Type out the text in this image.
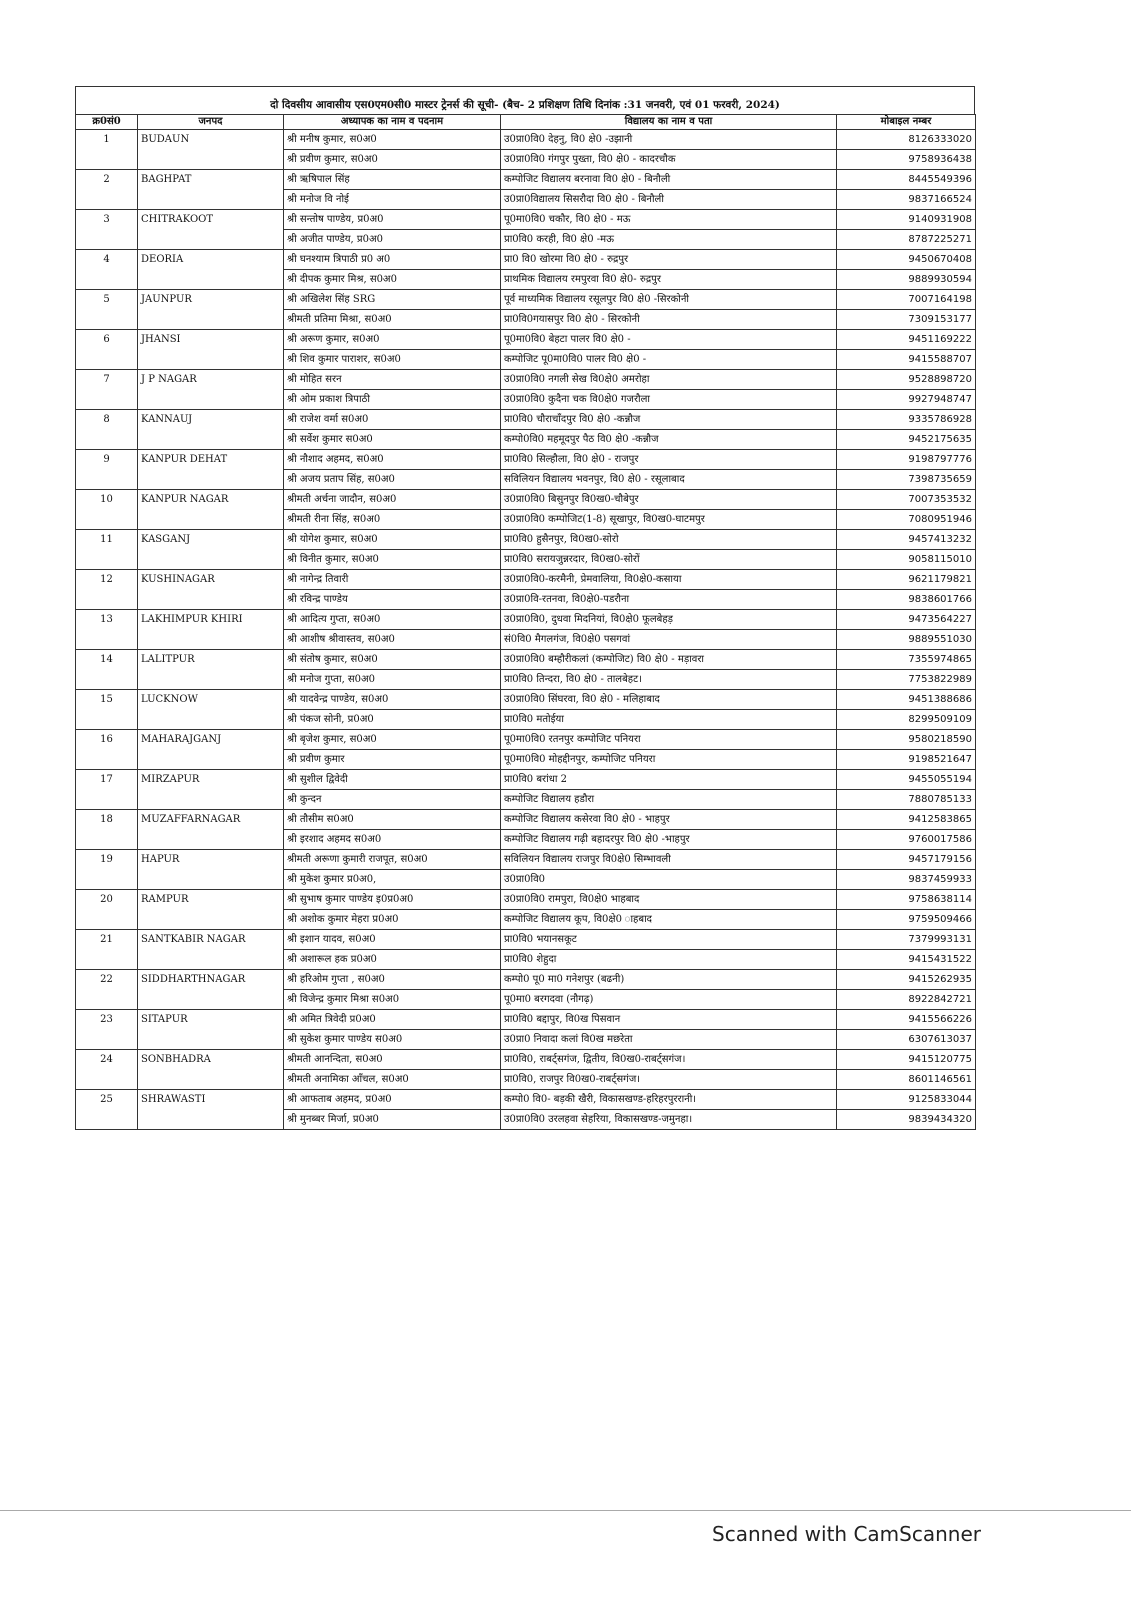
दो दिवसीय आवासीय एस0एम0सी0 मास्टर ट्रेनर्स की सूची- (बैच- 2 प्रशिक्षण तिथि दिनांक :31 जनवरी, एवं 01 फरवरी, 2024)
क्र0सं0	जनपद	अध्यापक का नाम व पदनाम	विद्यालय का नाम व पता	मोबाइल नम्बर
1	BUDAUN	श्री मनीष कुमार, स0अ0	उ0प्रा0वि0 देहनु, वि0 क्षे0 -उझानी	8126333020
		श्री प्रवीण कुमार, स0अ0	उ0प्रा0वि0 गंगपुर पुख्ता, वि0 क्षे0 - कादरचौक	9758936438
2	BAGHPAT	श्री ऋषिपाल सिंह	कम्पोजिट विद्यालय बरनावा वि0 क्षे0 - बिनौली	8445549396
		श्री मनोज वि नोई	उ0प्रा0विद्यालय सिसरौदा वि0 क्षे0 - बिनौली	9837166524
3	CHITRAKOOT	श्री सन्तोष पाण्डेय, प्र0अ0	पू0मा0वि0 चकौर, वि0 क्षे0 - मऊ	9140931908
		श्री अजीत पाण्डेय, प्र0अ0	प्रा0वि0 करही, वि0 क्षे0 -मऊ	8787225271
4	DEORIA	श्री घनश्याम त्रिपाठी प्र0 अ0	प्रा0 वि0 खोरमा वि0 क्षे0 - रुद्रपुर	9450670408
		श्री दीपक कुमार मिश्र, स0अ0	प्राथमिक विद्यालय रमपुरवा वि0 क्षे0- रुद्रपुर	9889930594
5	JAUNPUR	श्री अखिलेश सिंह SRG	पूर्व माध्यमिक विद्यालय रसूलपुर वि0 क्षे0 -सिरकोनी	7007164198
		श्रीमती प्रतिमा मिश्रा, स0अ0	प्रा0वि0गयासपुर वि0 क्षे0 - सिरकोनी	7309153177
6	JHANSI	श्री अरूण कुमार, स0अ0	पू0मा0वि0 बेहटा पालर वि0 क्षे0 -	9451169222
		श्री शिव कुमार पाराशर, स0अ0	कम्पोजिट पू0मा0वि0 पालर वि0 क्षे0 -	9415588707
7	J P NAGAR	श्री मोहित सरन	उ0प्रा0वि0 नगली सेख वि0क्षे0 अमरोहा	9528898720
		श्री ओम प्रकाश त्रिपाठी	उ0प्रा0वि0 कुदैना चक वि0क्षे0 गजरौला	9927948747
8	KANNAUJ	श्री राजेश वर्मा स0अ0	प्रा0वि0 चौराचाँदपुर वि0 क्षे0 -कन्नौज	9335786928
		श्री सर्वेश कुमार स0अ0	कम्पो0वि0 महमूदपुर पैठ वि0 क्षे0 -कन्नौज	9452175635
9	KANPUR DEHAT	श्री नौशाद अहमद, स0अ0	प्रा0वि0 सिल्हौला, वि0 क्षे0 - राजपुर	9198797776
		श्री अजय प्रताप सिंह, स0अ0	सविलियन विद्यालय भवनपुर, वि0 क्षे0 - रसूलाबाद	7398735659
10	KANPUR NAGAR	श्रीमती अर्चना जादौन, स0अ0	उ0प्रा0वि0 बिसुनपुर वि0ख0-चौबेपुर	7007353532
		श्रीमती रीना सिंह, स0अ0	उ0प्रा0वि0 कम्पोजिट(1-8) सूखापुर, वि0ख0-घाटमपुर	7080951946
11	KASGANJ	श्री योगेश कुमार, स0अ0	प्रा0वि0 हुसैनपुर, वि0ख0-सोरो	9457413232
		श्री विनीत कुमार, स0अ0	प्रा0वि0 सरायजुन्नरदार, वि0ख0-सोरों	9058115010
12	KUSHINAGAR	श्री नागेन्द्र तिवारी	उ0प्रा0वि0-करमैनी, प्रेमवालिया, वि0क्षे0-कसाया	9621179821
		श्री रविन्द्र पाण्डेय	उ0प्रा0वि-रतनवा, वि0क्षे0-पडरौना	9838601766
13	LAKHIMPUR KHIRI	श्री आदित्य गुप्ता, स0अ0	उ0प्रा0वि0, दुधवा मिदनियां, वि0क्षे0 फूलबेहड़	9473564227
		श्री आशीष श्रीवास्तव, स0अ0	सं0वि0 मैगलगंज, वि0क्षे0 पसगवां	9889551030
14	LALITPUR	श्री संतोष कुमार, स0अ0	उ0प्रा0वि0 बम्हौरीकलां (कम्पोजिट) वि0 क्षे0 - मड़ावरा	7355974865
		श्री मनोज गुप्ता, स0अ0	प्रा0वि0 तिन्दरा, वि0 क्षे0 - तालबेहट।	7753822989
15	LUCKNOW	श्री यादवेन्द्र पाण्डेय, स0अ0	उ0प्रा0वि0 सिंघरवा, वि0 क्षे0 - मलिहाबाद	9451388686
		श्री पंकज सोनी, प्र0अ0	प्रा0वि0 मतोईया	8299509109
16	MAHARAJGANJ	श्री बृजेश कुमार, स0अ0	पू0मा0वि0 रतनपुर कम्पोजिट पनियरा	9580218590
		श्री प्रवीण कुमार	पू0मा0वि0 मोहद्दीनपुर, कम्पोजिट पनियरा	9198521647
17	MIRZAPUR	श्री सुशील द्विवेदी	प्रा0वि0 बरांधा 2	9455055194
		श्री कुन्दन	कम्पोजिट विद्यालय हडौरा	7880785133
18	MUZAFFARNAGAR	श्री तौसीम स0अ0	कम्पोजिट विद्यालय कसेरवा वि0 क्षे0 - भाहपुर	9412583865
		श्री इरशाद अहमद स0अ0	कम्पोजिट विद्यालय गढ़ी बहादरपुर वि0 क्षे0 -भाहपुर	9760017586
19	HAPUR	श्रीमती अरूणा कुमारी राजपूत, स0अ0	सविलियन विद्यालय राजपुर वि0क्षे0 सिम्भावली	9457179156
		श्री मुकेश कुमार प्र0अ0,	उ0प्रा0वि0	9837459933
20	RAMPUR	श्री सुभाष कुमार पाण्डेय इ0प्र0अ0	उ0प्रा0वि0 रामपुरा, वि0क्षे0 भाहबाद	9758638114
		श्री अशोक कुमार मेहरा प्र0अ0	कम्पोजिट विद्यालय कूप, वि0क्षे0 ाहबाद	9759509466
21	SANTKABIR NAGAR	श्री इशान यादव, स0अ0	प्रा0वि0 भयानसकूट	7379993131
		श्री अशारूल हक प्र0अ0	प्रा0वि0 शेहुदा	9415431522
22	SIDDHARTHNAGAR	श्री हरिओम गुप्ता , स0अ0	कम्पो0 पू0 मा0 गनेशपुर (बढनी)	9415262935
		श्री विजेन्द्र कुमार मिश्रा स0अ0	पू0मा0 बरगदवा (नौगढ़)	8922842721
23	SITAPUR	श्री अमित त्रिवेदी प्र0अ0	प्रा0वि0 बद्दापुर, वि0ख पिसवान	9415566226
		श्री सुकेश कुमार पाण्डेय स0अ0	उ0प्रा0 निवादा कलां वि0ख मछरेता	6307613037
24	SONBHADRA	श्रीमती आनन्दिता, स0अ0	प्रा0वि0, राबर्ट्सगंज, द्वितीय, वि0ख0-राबर्ट्सगंज।	9415120775
		श्रीमती अनामिका आँचल, स0अ0	प्रा0वि0, राजपुर वि0ख0-राबर्ट्सगंज।	8601146561
25	SHRAWASTI	श्री आफताब अहमद, प्र0अ0	कम्पो0 वि0- बड़की खैरी, विकासखण्ड-हरिहरपुररानी।	9125833044
		श्री मुनब्बर मिर्जा, प्र0अ0	उ0प्रा0वि0 उरलहवा सेहरिया, विकासखण्ड-जमुनहा।	9839434320
Scanned with CamScanner
